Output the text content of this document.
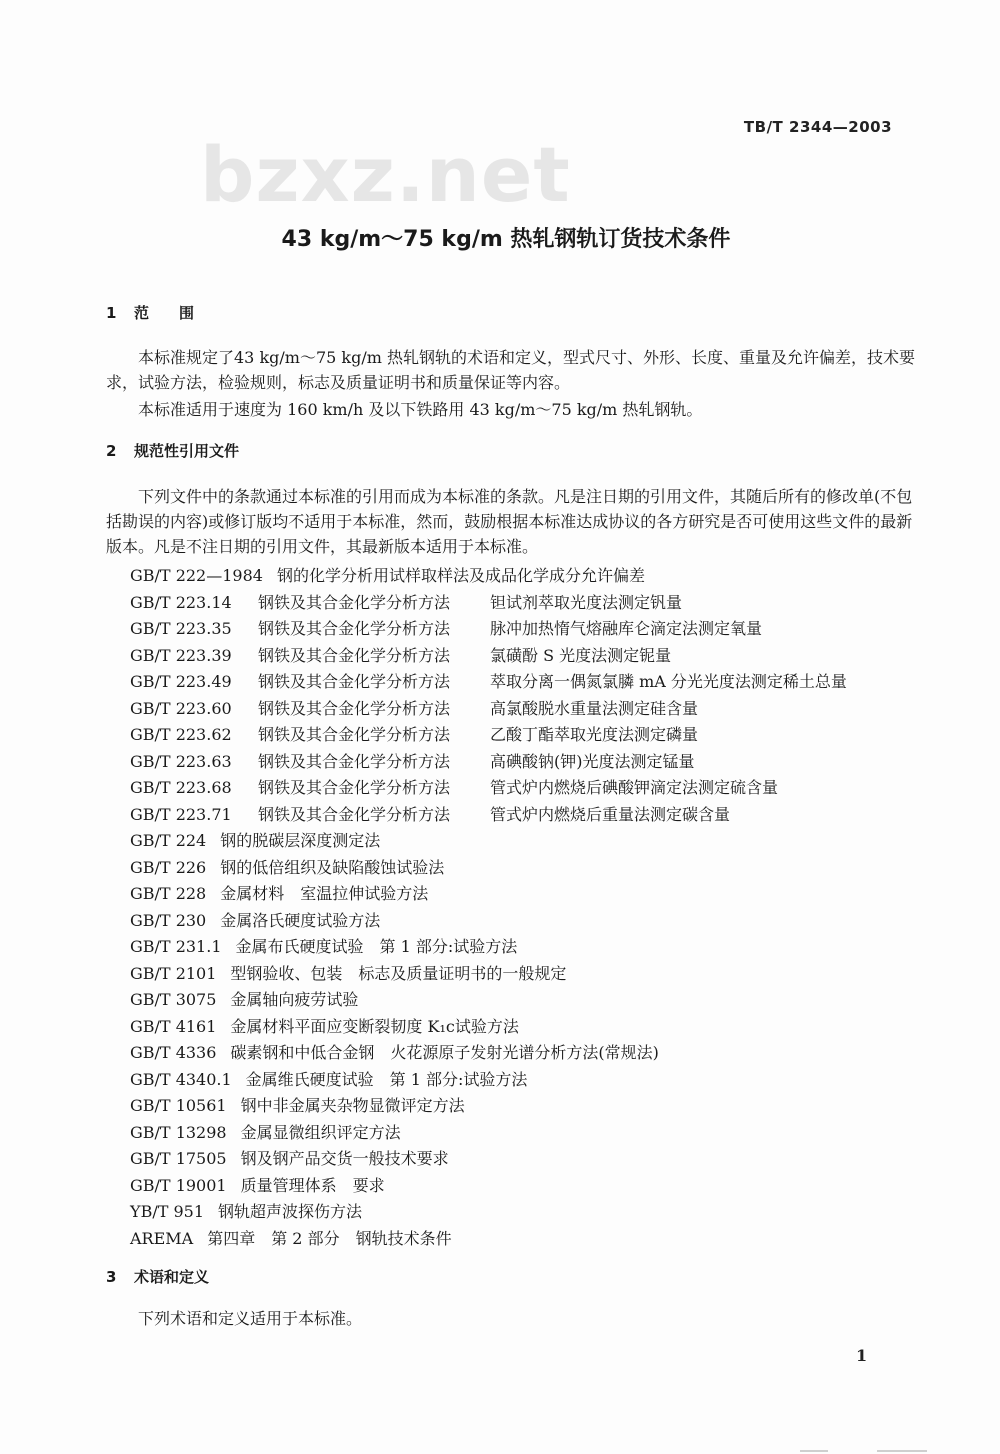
TB/T 2344—2003
bzxz.net
43 kg/m～75 kg/m 热轧钢轨订货技术条件
1 范　　围
本标准规定了43 kg/m～75 kg/m 热轧钢轨的术语和定义，型式尺寸、外形、长度、重量及允许偏差，技术要求，试验方法，检验规则，标志及质量证明书和质量保证等内容。
本标准适用于速度为 160 km/h 及以下铁路用 43 kg/m～75 kg/m 热轧钢轨。
2 规范性引用文件
下列文件中的条款通过本标准的引用而成为本标准的条款。凡是注日期的引用文件，其随后所有的修改单(不包括勘误的内容)或修订版均不适用于本标准，然而，鼓励根据本标准达成协议的各方研究是否可使用这些文件的最新版本。凡是不注日期的引用文件，其最新版本适用于本标准。
GB/T 222—1984 钢的化学分析用试样取样法及成品化学成分允许偏差
GB/T 223.14 钢铁及其合金化学分析方法 钽试剂萃取光度法测定钒量
GB/T 223.35 钢铁及其合金化学分析方法 脉冲加热惰气熔融库仑滴定法测定氧量
GB/T 223.39 钢铁及其合金化学分析方法 氯磺酚 S 光度法测定铌量
GB/T 223.49 钢铁及其合金化学分析方法 萃取分离一偶氮氯膦 mA 分光光度法测定稀土总量
GB/T 223.60 钢铁及其合金化学分析方法 高氯酸脱水重量法测定硅含量
GB/T 223.62 钢铁及其合金化学分析方法 乙酸丁酯萃取光度法测定磷量
GB/T 223.63 钢铁及其合金化学分析方法 高碘酸钠(钾)光度法测定锰量
GB/T 223.68 钢铁及其合金化学分析方法 管式炉内燃烧后碘酸钾滴定法测定硫含量
GB/T 223.71 钢铁及其合金化学分析方法 管式炉内燃烧后重量法测定碳含量
GB/T 224 钢的脱碳层深度测定法
GB/T 226 钢的低倍组织及缺陷酸蚀试验法
GB/T 228 金属材料　室温拉伸试验方法
GB/T 230 金属洛氏硬度试验方法
GB/T 231.1 金属布氏硬度试验　第 1 部分:试验方法
GB/T 2101 型钢验收、包装　标志及质量证明书的一般规定
GB/T 3075 金属轴向疲劳试验
GB/T 4161 金属材料平面应变断裂韧度 K₁c试验方法
GB/T 4336 碳素钢和中低合金钢　火花源原子发射光谱分析方法(常规法)
GB/T 4340.1 金属维氏硬度试验　第 1 部分:试验方法
GB/T 10561 钢中非金属夹杂物显微评定方法
GB/T 13298 金属显微组织评定方法
GB/T 17505 钢及钢产品交货一般技术要求
GB/T 19001 质量管理体系　要求
YB/T 951 钢轨超声波探伤方法
AREMA 第四章　第 2 部分　钢轨技术条件
3 术语和定义
下列术语和定义适用于本标准。
1
